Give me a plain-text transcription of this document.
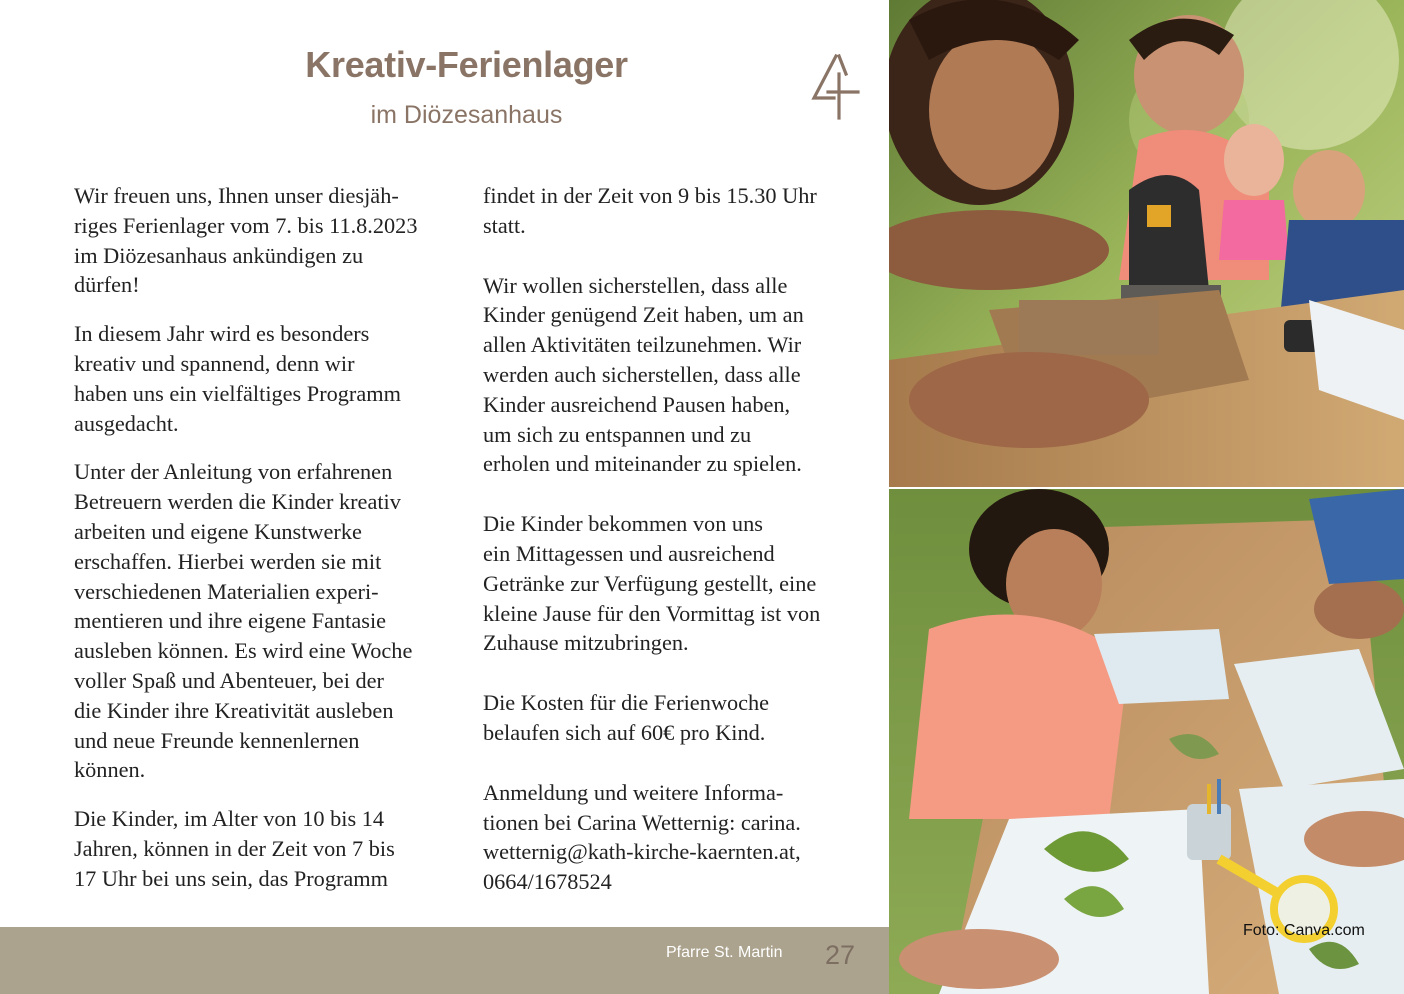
Kreativ-Ferienlager
im Diözesanhaus

Wir freuen uns, Ihnen unser diesjäh-

riges Ferienlager vom 7. bis 11.8.2023

im Diözesanhaus ankündigen zu

dürfen!

In diesem Jahr wird es besonders

kreativ und spannend, denn wir

haben uns ein vielfältiges Programm

ausgedacht.

Unter der Anleitung von erfahrenen

Betreuern werden die Kinder kreativ

arbeiten und eigene Kunstwerke

erschaffen. Hierbei werden sie mit

verschiedenen Materialien experi-

mentieren und ihre eigene Fantasie

ausleben können. Es wird eine Woche

voller Spaß und Abenteuer, bei der

die Kinder ihre Kreativität ausleben

und neue Freunde kennenlernen

können.

Die Kinder, im Alter von 10 bis 14

Jahren, können in der Zeit von 7 bis

17 Uhr bei uns sein, das Programm

findet in der Zeit von 9 bis 15.30 Uhr

statt.

Wir wollen sicherstellen, dass alle

Kinder genügend Zeit haben, um an

allen Aktivitäten teilzunehmen. Wir

werden auch sicherstellen, dass alle

Kinder ausreichend Pausen haben,

um sich zu entspannen und zu

erholen und miteinander zu spielen.

Die Kinder bekommen von uns

ein Mittagessen und ausreichend

Getränke zur Verfügung gestellt, eine

kleine Jause für den Vormittag ist von

Zuhause mitzubringen.

Die Kosten für die Ferienwoche

belaufen sich auf 60€ pro Kind.

Anmeldung und weitere Informa-

tionen bei Carina Wetternig: carina.

wetternig@kath-kirche-kaernten.at,

0664/1678524

Pfarre St. Martin 27
Foto: Canva.com
